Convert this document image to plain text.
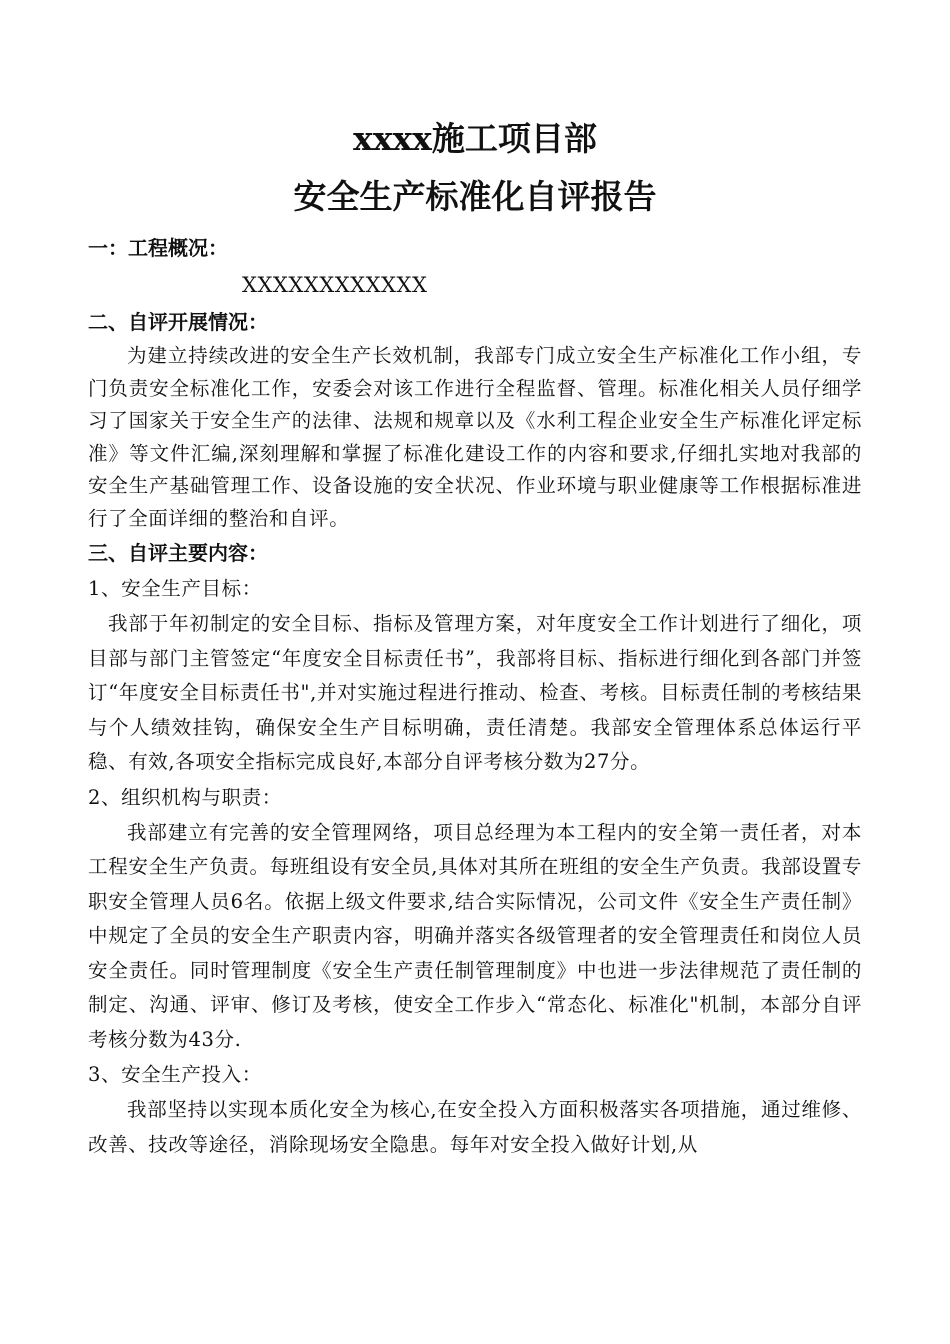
xxxx施工项目部
安全生产标准化自评报告

一：工程概况：

XXXXXXXXXXXX

二、自评开展情况：

为建立持续改进的安全生产长效机制，我部专门成立安全生产标准化工作小组，专门负责安全标准化工作，安委会对该工作进行全程监督、管理。标准化相关人员仔细学习了国家关于安全生产的法律、法规和规章以及《水利工程企业安全生产标准化评定标准》等文件汇编,深刻理解和掌握了标准化建设工作的内容和要求,仔细扎实地对我部的安全生产基础管理工作、设备设施的安全状况、作业环境与职业健康等工作根据标准进行了全面详细的整治和自评。

三、自评主要内容：

1、安全生产目标：

我部于年初制定的安全目标、指标及管理方案，对年度安全工作计划进行了细化，项目部与部门主管签定“年度安全目标责任书”，我部将目标、指标进行细化到各部门并签订“年度安全目标责任书",并对实施过程进行推动、检查、考核。目标责任制的考核结果与个人绩效挂钩，确保安全生产目标明确，责任清楚。我部安全管理体系总体运行平稳、有效,各项安全指标完成良好,本部分自评考核分数为27分。

2、组织机构与职责：

我部建立有完善的安全管理网络，项目总经理为本工程内的安全第一责任者，对本工程安全生产负责。每班组设有安全员,具体对其所在班组的安全生产负责。我部设置专职安全管理人员6名。依据上级文件要求,结合实际情况，公司文件《安全生产责任制》中规定了全员的安全生产职责内容，明确并落实各级管理者的安全管理责任和岗位人员安全责任。同时管理制度《安全生产责任制管理制度》中也进一步法律规范了责任制的制定、沟通、评审、修订及考核，使安全工作步入“常态化、标准化"机制，本部分自评考核分数为43分.

3、安全生产投入：

我部坚持以实现本质化安全为核心,在安全投入方面积极落实各项措施，通过维修、改善、技改等途径，消除现场安全隐患。每年对安全投入做好计划,从
